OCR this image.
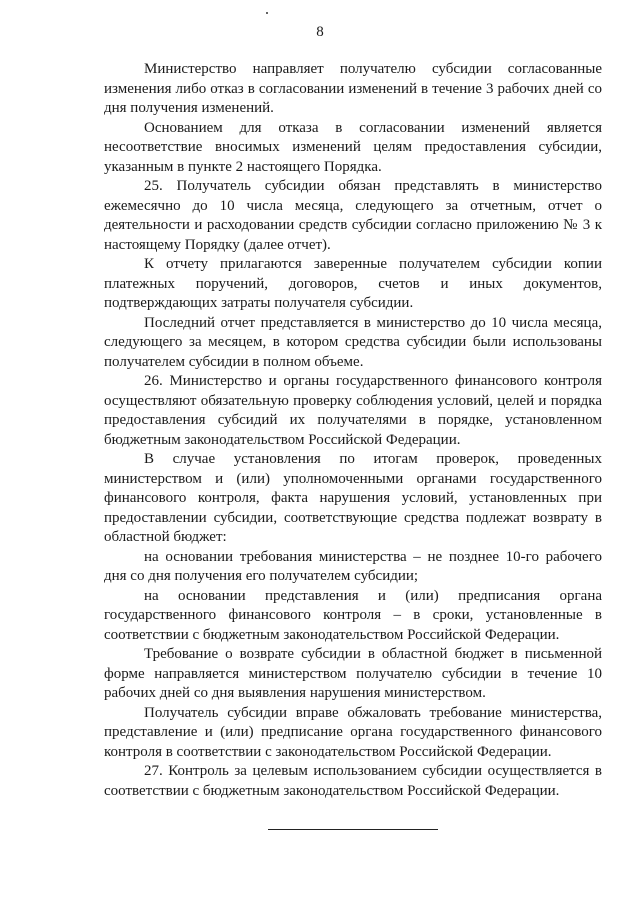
8

Министерство направляет получателю субсидии согласованные изменения либо отказ в согласовании изменений в течение 3 рабочих дней со дня получения изменений.

Основанием для отказа в согласовании изменений является несоответствие вносимых изменений целям предоставления субсидии, указанным в пункте 2 настоящего Порядка.

25. Получатель субсидии обязан представлять в министерство ежемесячно до 10 числа месяца, следующего за отчетным, отчет о деятельности и расходовании средств субсидии согласно приложению № 3 к настоящему Порядку (далее отчет).

К отчету прилагаются заверенные получателем субсидии копии платежных поручений, договоров, счетов и иных документов, подтверждающих затраты получателя субсидии.

Последний отчет представляется в министерство до 10 числа месяца, следующего за месяцем, в котором средства субсидии были использованы получателем субсидии в полном объеме.

26. Министерство и органы государственного финансового контроля осуществляют обязательную проверку соблюдения условий, целей и порядка предоставления субсидий их получателями в порядке, установленном бюджетным законодательством Российской Федерации.

В случае установления по итогам проверок, проведенных министерством и (или) уполномоченными органами государственного финансового контроля, факта нарушения условий, установленных при предоставлении субсидии, соответствующие средства подлежат возврату в областной бюджет:

на основании требования министерства – не позднее 10-го рабочего дня со дня получения его получателем субсидии;

на основании представления и (или) предписания органа государственного финансового контроля – в сроки, установленные в соответствии с бюджетным законодательством Российской Федерации.

Требование о возврате субсидии в областной бюджет в письменной форме направляется министерством получателю субсидии в течение 10 рабочих дней со дня выявления нарушения министерством.

Получатель субсидии вправе обжаловать требование министерства, представление и (или) предписание органа государственного финансового контроля в соответствии с законодательством Российской Федерации.

27. Контроль за целевым использованием субсидии осуществляется в соответствии с бюджетным законодательством Российской Федерации.
